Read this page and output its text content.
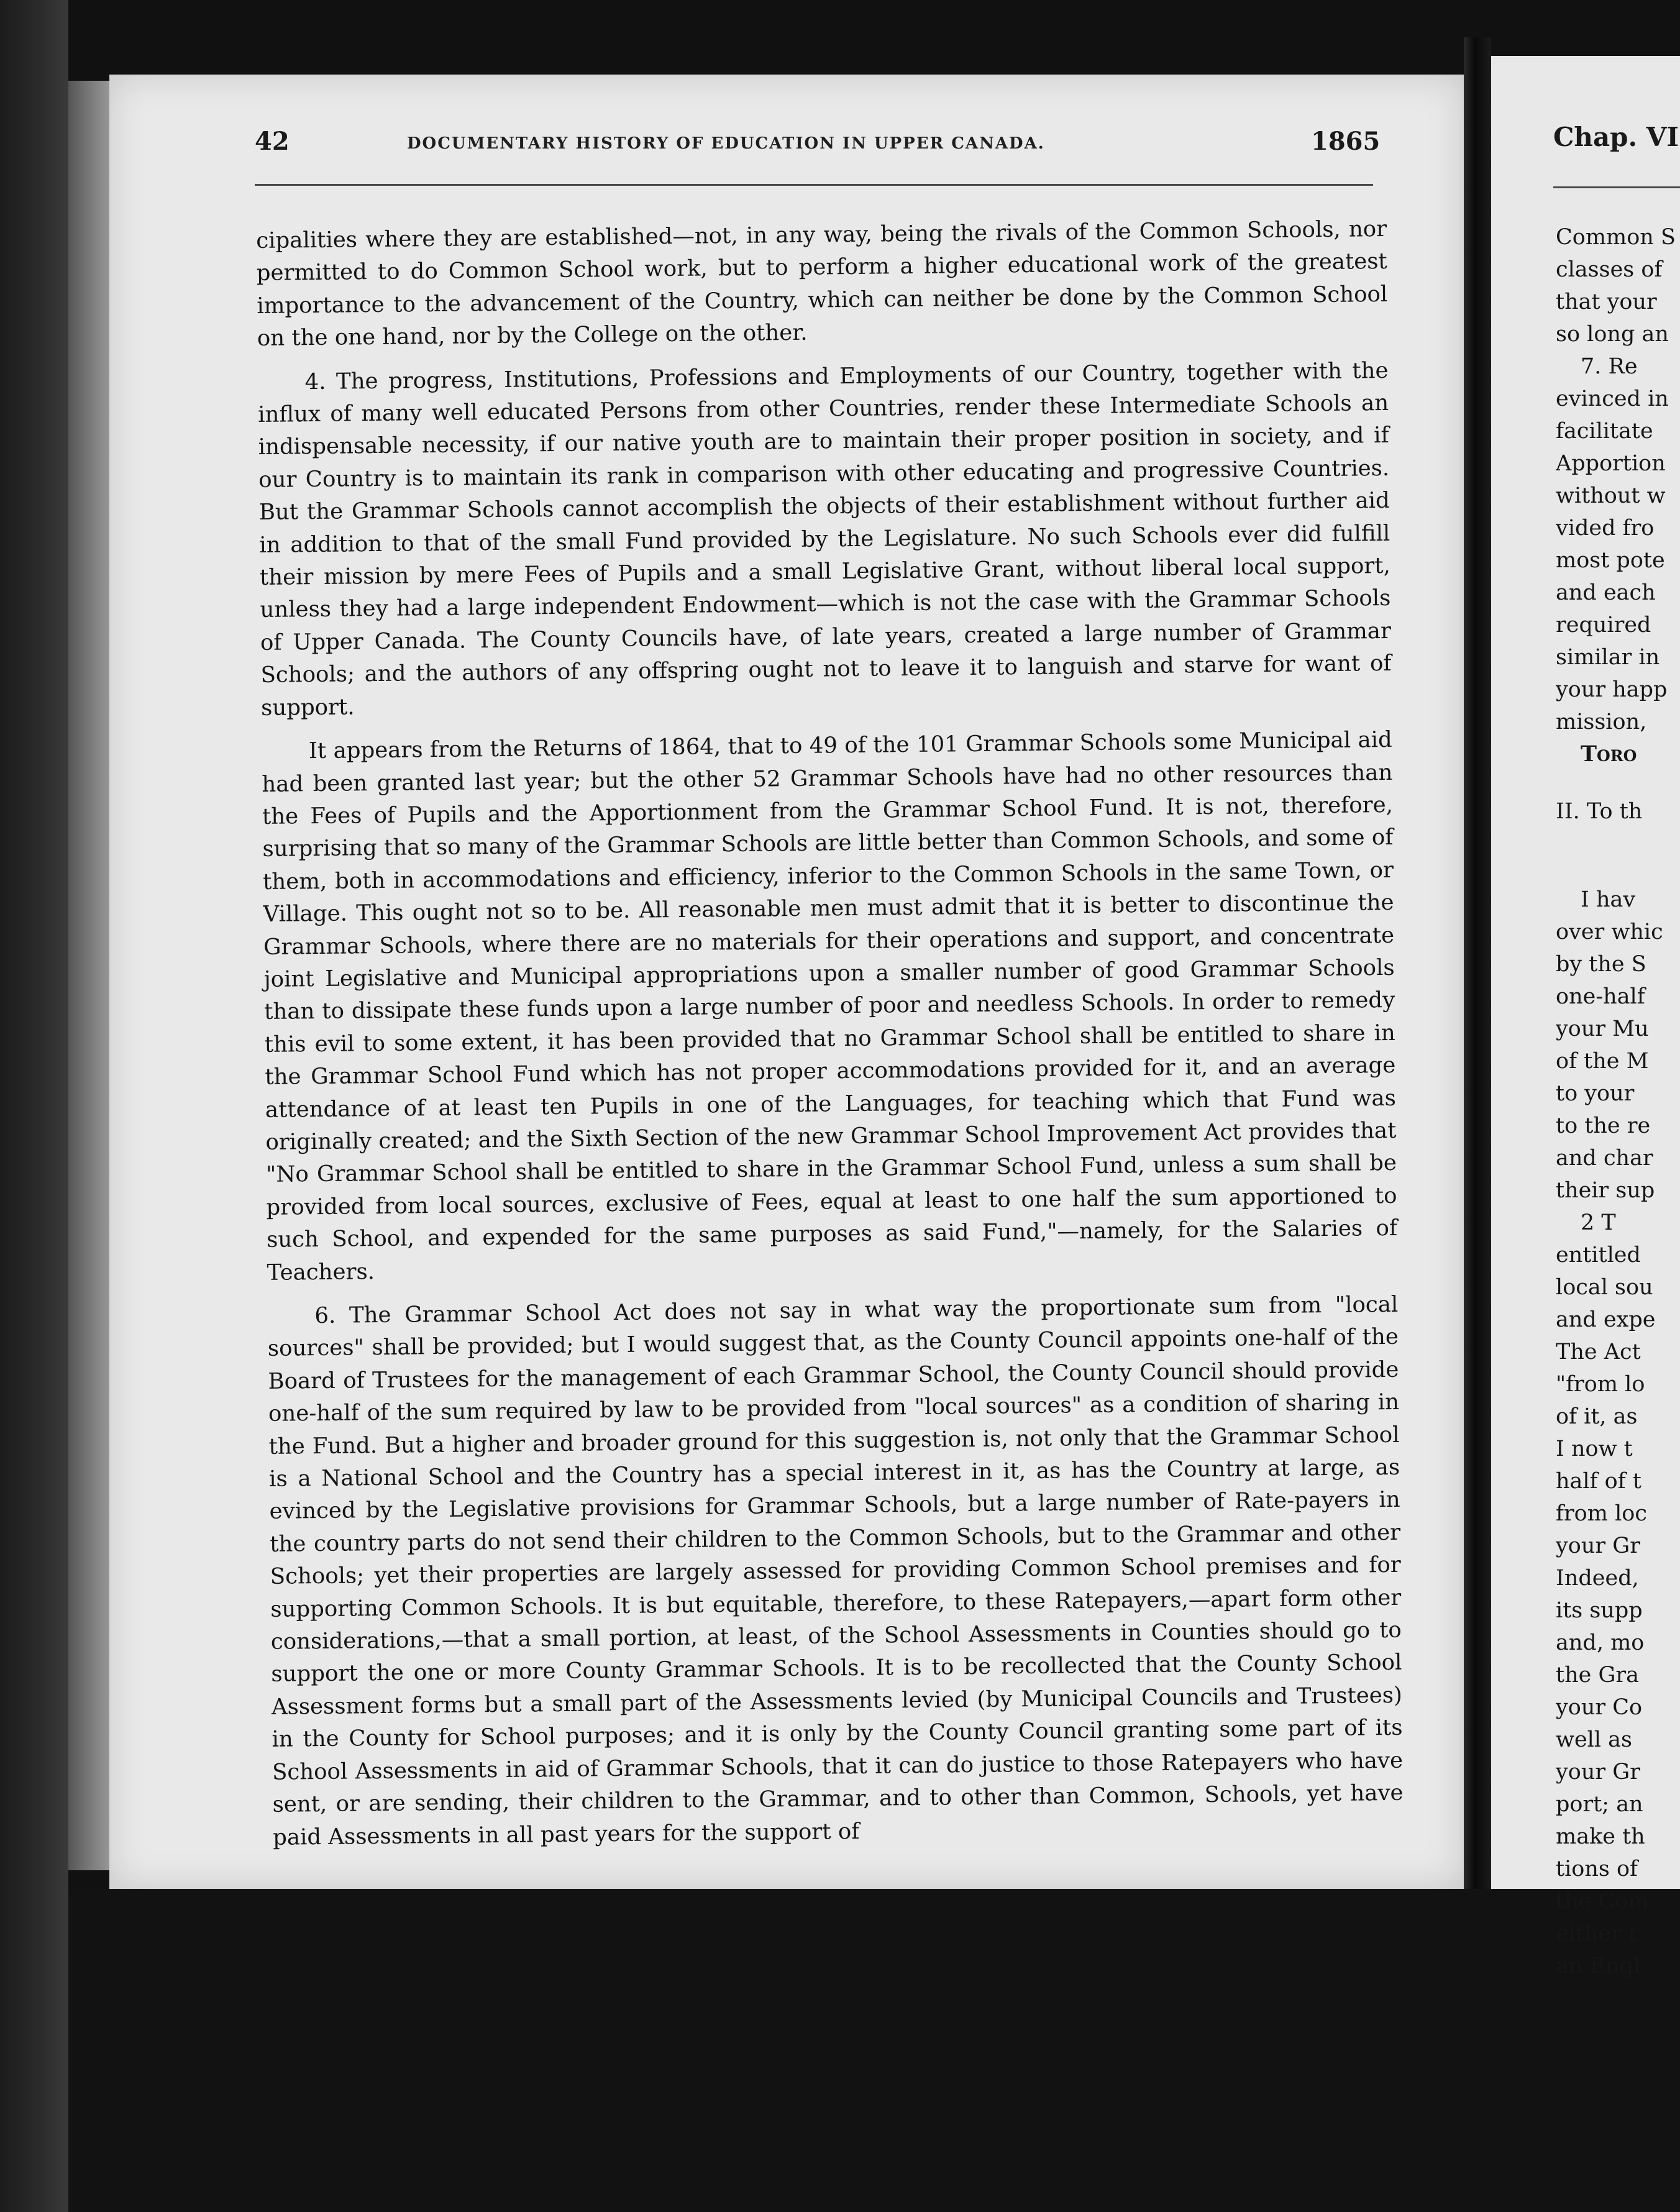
42	DOCUMENTARY HISTORY OF EDUCATION IN UPPER CANADA.	1865

cipalities where they are established—not, in any way, being the rivals of the Common Schools, nor permitted to do Common School work, but to perform a higher educational work of the greatest importance to the advancement of the Country, which can neither be done by the Common School on the one hand, nor by the College on the other.

4. The progress, Institutions, Professions and Employments of our Country, together with the influx of many well educated Persons from other Countries, render these Intermediate Schools an indispensable necessity, if our native youth are to maintain their proper position in society, and if our Country is to maintain its rank in comparison with other educating and progressive Countries. But the Grammar Schools cannot accomplish the objects of their establishment without further aid in addition to that of the small Fund provided by the Legislature. No such Schools ever did fulfill their mission by mere Fees of Pupils and a small Legislative Grant, without liberal local support, unless they had a large independent Endowment—which is not the case with the Grammar Schools of Upper Canada. The County Councils have, of late years, created a large number of Grammar Schools; and the authors of any offspring ought not to leave it to languish and starve for want of support.

It appears from the Returns of 1864, that to 49 of the 101 Grammar Schools some Municipal aid had been granted last year; but the other 52 Grammar Schools have had no other resources than the Fees of Pupils and the Apportionment from the Grammar School Fund. It is not, therefore, surprising that so many of the Grammar Schools are little better than Common Schools, and some of them, both in accommodations and efficiency, inferior to the Common Schools in the same Town, or Village. This ought not so to be. All reasonable men must admit that it is better to discontinue the Grammar Schools, where there are no materials for their operations and support, and concentrate joint Legislative and Municipal appropriations upon a smaller number of good Grammar Schools than to dissipate these funds upon a large number of poor and needless Schools. In order to remedy this evil to some extent, it has been provided that no Grammar School shall be entitled to share in the Grammar School Fund which has not proper accommodations provided for it, and an average attendance of at least ten Pupils in one of the Languages, for teaching which that Fund was originally created; and the Sixth Section of the new Grammar School Improvement Act provides that "No Grammar School shall be entitled to share in the Grammar School Fund, unless a sum shall be provided from local sources, exclusive of Fees, equal at least to one half the sum apportioned to such School, and expended for the same purposes as said Fund,"—namely, for the Salaries of Teachers.

6. The Grammar School Act does not say in what way the proportionate sum from "local sources" shall be provided; but I would suggest that, as the County Council appoints one-half of the Board of Trustees for the management of each Grammar School, the County Council should provide one-half of the sum required by law to be provided from "local sources" as a condition of sharing in the Fund. But a higher and broader ground for this suggestion is, not only that the Grammar School is a National School and the Country has a special interest in it, as has the Country at large, as evinced by the Legislative provisions for Grammar Schools, but a large number of Rate-payers in the country parts do not send their children to the Common Schools, but to the Grammar and other Schools; yet their properties are largely assessed for providing Common School premises and for supporting Common Schools. It is but equitable, therefore, to these Ratepayers,—apart form other considerations,—that a small portion, at least, of the School Assessments in Counties should go to support the one or more County Grammar Schools. It is to be recollected that the County School Assessment forms but a small part of the Assessments levied (by Municipal Councils and Trustees) in the County for School purposes; and it is only by the County Council granting some part of its School Assessments in aid of Grammar Schools, that it can do justice to those Ratepayers who have sent, or are sending, their children to the Grammar, and to other than Common, Schools, yet have paid Assessments in all past years for the support of

Chap. VI
Common S
classes of
that your
so long an
7. Re
evinced in
facilitate
Apportion
without w
vided fro
most pote
and each
required
similar in
your happ
mission,
Toro
II. To th
I hav
over whic
by the S
one-half
your Mu
of the M
to your
to the re
and char
their sup
2 T
entitled
local sou
and expe
The Act
"from lo
of it, as
I now t
half of t
from loc
your Gr
Indeed,
its supp
and, mo
the Gra
your Co
well as
your Gr
port; an
make th
tions of
the Com
either t
an Engl
